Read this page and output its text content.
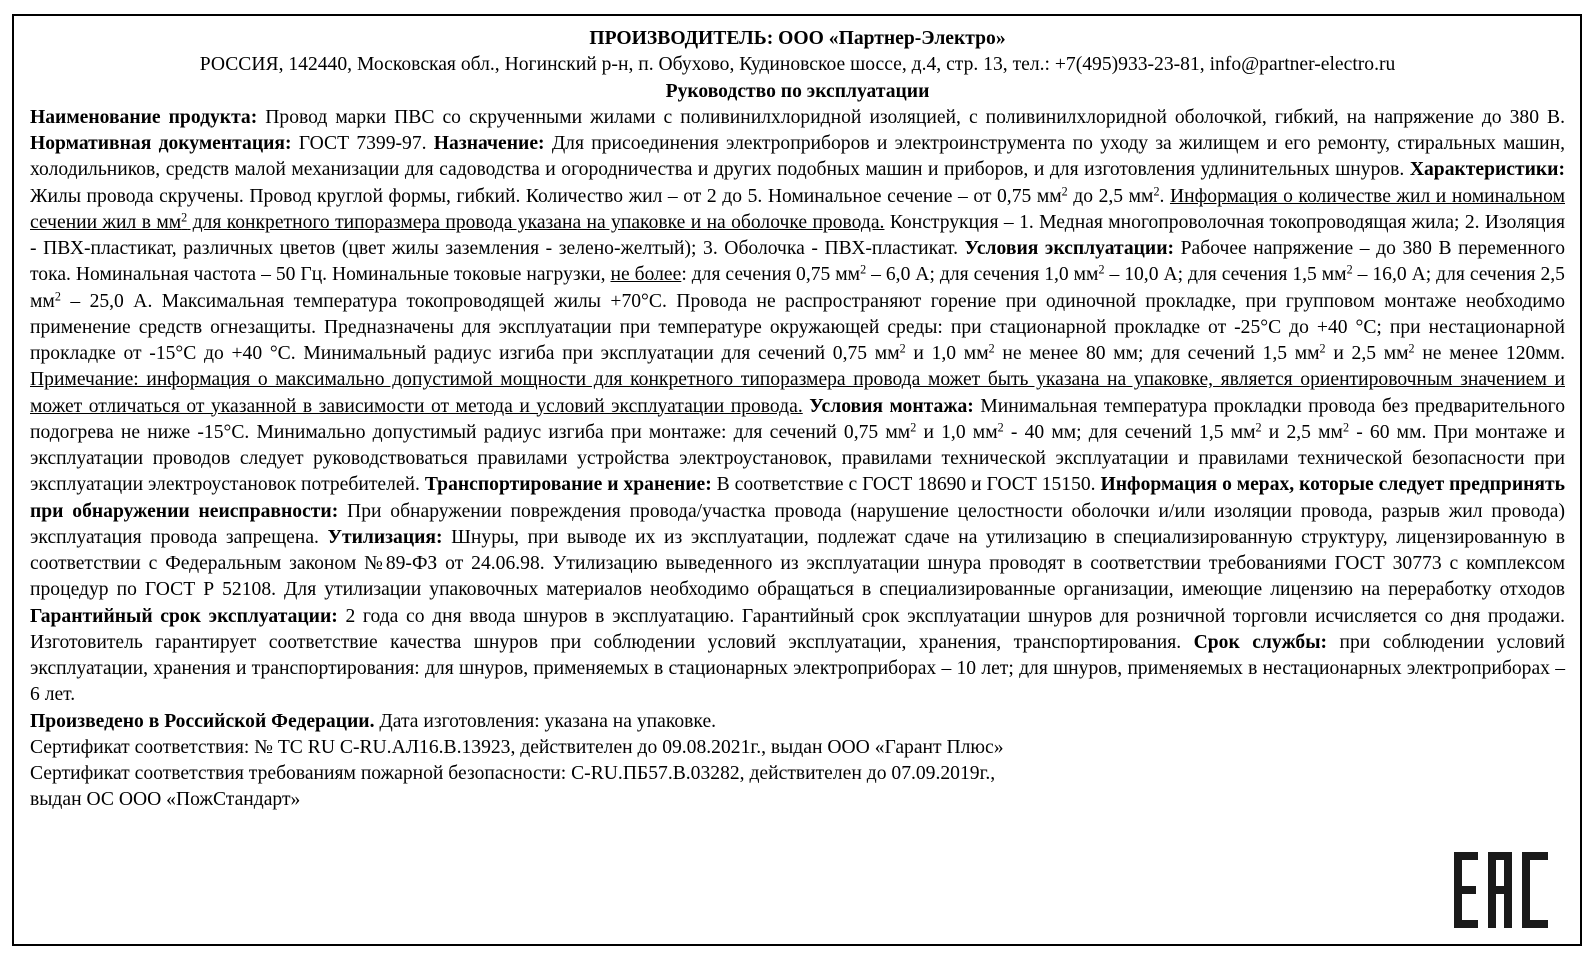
ПРОИЗВОДИТЕЛЬ: ООО «Партнер-Электро»
РОССИЯ, 142440, Московская обл., Ногинский р-н, п. Обухово, Кудиновское шоссе, д.4, стр. 13, тел.: +7(495)933-23-81, info@partner-electro.ru
Руководство по эксплуатации
Наименование продукта: Провод марки ПВС со скрученными жилами с поливинилхлоридной изоляцией, с поливинилхлоридной оболочкой, гибкий, на напряжение до 380 В. Нормативная документация: ГОСТ 7399-97. Назначение: Для присоединения электроприборов и электроинструмента по уходу за жилищем и его ремонту, стиральных машин, холодильников, средств малой механизации для садоводства и огородничества и других подобных машин и приборов, и для изготовления удлинительных шнуров. Характеристики: Жилы провода скручены. Провод круглой формы, гибкий. Количество жил – от 2 до 5. Номинальное сечение – от 0,75 $мм^2$ до 2,5 $мм^2$. Информация о количестве жил и номинальном сечении жил в $мм^2$ для конкретного типоразмера провода указана на упаковке и на оболочке провода. Конструкция – 1. Медная многопроволочная токопроводящая жила; 2. Изоляция - ПВХ-пластикат, различных цветов (цвет жилы заземления - зелено-желтый); 3. Оболочка - ПВХ-пластикат. Условия эксплуатации: Рабочее напряжение – до 380 В переменного тока. Номинальная частота – 50 Гц. Номинальные токовые нагрузки, не более: для сечения 0,75 $мм^2 - 6,0$ А; для сечения 1,0 $мм^2 - 10,0$ А; для сечения 1,5 $мм^2 - 16,0$ А; для сечения 2,5 $мм^2 - 25,0$ А. Максимальная температура токопроводящей жилы +70°С. Провода не распространяют горение при одиночной прокладке, при групповом монтаже необходимо применение средств огнезащиты. Предназначены для эксплуатации при температуре окружающей среды: при стационарной прокладке от -25°С до +40 °С; при нестационарной прокладке от -15°С до +40 °С. Минимальный радиус изгиба при эксплуатации для сечений 0,75 $мм^2$ и 1,0 $мм^2$ не менее 80 мм; для сечений 1,5 $мм^2$ и 2,5 $мм^2$ не менее 120мм. Примечание: информация о максимально допустимой мощности для конкретного типоразмера провода может быть указана на упаковке, является ориентировочным значением и может отличаться от указанной в зависимости от метода и условий эксплуатации провода. Условия монтажа: Минимальная температура прокладки провода без предварительного подогрева не ниже -15°С. Минимально допустимый радиус изгиба при монтаже: для сечений 0,75 $мм^2$ и 1,0 $мм^2 - 40$ мм; для сечений 1,5 $мм^2$ и 2,5 $мм^2 - 60$ мм. При монтаже и эксплуатации проводов следует руководствоваться правилами устройства электроустановок, правилами технической эксплуатации и правилами технической безопасности при эксплуатации электроустановок потребителей. Транспортирование и хранение: В соответствие с ГОСТ 18690 и ГОСТ 15150. Информация о мерах, которые следует предпринять при обнаружении неисправности: При обнаружении повреждения провода/участка провода (нарушение целостности оболочки и/или изоляции провода, разрыв жил провода) эксплуатация провода запрещена. Утилизация: Шнуры, при выводе их из эксплуатации, подлежат сдаче на утилизацию в специализированную структуру, лицензированную в соответствии с Федеральным законом №89-ФЗ от 24.06.98. Утилизацию выведенного из эксплуатации шнура проводят в соответствии требованиями ГОСТ 30773 с комплексом процедур по ГОСТ Р 52108. Для утилизации упаковочных материалов необходимо обращаться в специализированные организации, имеющие лицензию на переработку отходов Гарантийный срок эксплуатации: 2 года со дня ввода шнуров в эксплуатацию. Гарантийный срок эксплуатации шнуров для розничной торговли исчисляется со дня продажи. Изготовитель гарантирует соответствие качества шнуров при соблюдении условий эксплуатации, хранения, транспортирования. Срок службы: при соблюдении условий эксплуатации, хранения и транспортирования: для шнуров, применяемых в стационарных электроприборах – 10 лет; для шнуров, применяемых в нестационарных электроприборах – 6 лет.
Произведено в Российской Федерации. Дата изготовления: указана на упаковке.
Сертификат соответствия: № ТС RU C-RU.АЛ16.В.13923, действителен до 09.08.2021г., выдан ООО «Гарант Плюс»
Сертификат соответствия требованиям пожарной безопасности: С-RU.ПБ57.В.03282, действителен до 07.09.2019г.,
выдан ОС ООО «ПожСтандарт»
